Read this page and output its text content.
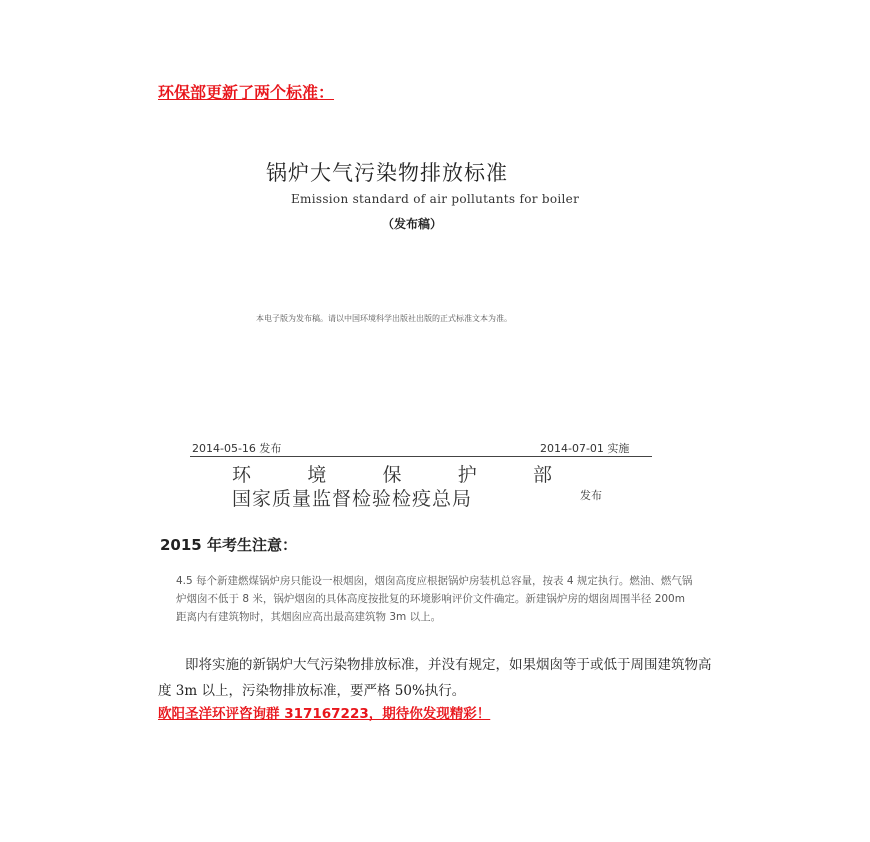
环保部更新了两个标准：
锅炉大气污染物排放标准
Emission standard of air pollutants for boiler
（发布稿）
本电子版为发布稿。请以中国环境科学出版社出版的正式标准文本为准。
2014-05-16 发布	2014-07-01 实施
环	境	保	护	部
国家质量监督检验检疫总局	发布
2015 年考生注意：
4.5 每个新建燃煤锅炉房只能设一根烟囱，烟囱高度应根据锅炉房装机总容量，按表 4 规定执行。燃油、燃气锅炉烟囱不低于 8 米，锅炉烟囱的具体高度按批复的环境影响评价文件确定。新建锅炉房的烟囱周围半径 200m 距离内有建筑物时，其烟囱应高出最高建筑物 3m 以上。
即将实施的新锅炉大气污染物排放标准，并没有规定，如果烟囱等于或低于周围建筑物高度 3m 以上，污染物排放标准，要严格 50%执行。
欧阳圣洋环评咨询群 317167223，期待你发现精彩！
